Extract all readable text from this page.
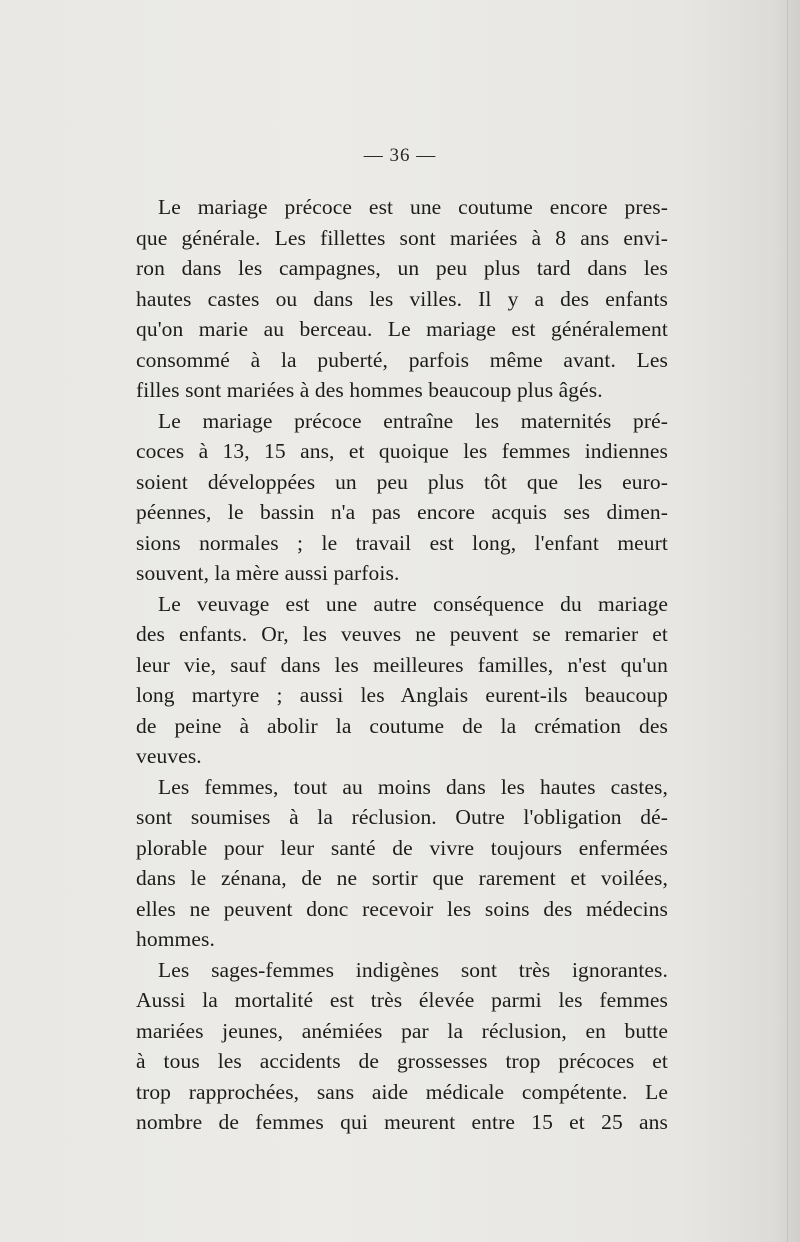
— 36 —
Le mariage précoce est une coutume encore pres-
que générale. Les fillettes sont mariées à 8 ans envi-
ron dans les campagnes, un peu plus tard dans les
hautes castes ou dans les villes. Il y a des enfants
qu'on marie au berceau. Le mariage est généralement
consommé à la puberté, parfois même avant. Les
filles sont mariées à des hommes beaucoup plus âgés.
Le mariage précoce entraîne les maternités pré-
coces à 13, 15 ans, et quoique les femmes indiennes
soient développées un peu plus tôt que les euro-
péennes, le bassin n'a pas encore acquis ses dimen-
sions normales ; le travail est long, l'enfant meurt
souvent, la mère aussi parfois.
Le veuvage est une autre conséquence du mariage
des enfants. Or, les veuves ne peuvent se remarier et
leur vie, sauf dans les meilleures familles, n'est qu'un
long martyre ; aussi les Anglais eurent-ils beaucoup
de peine à abolir la coutume de la crémation des
veuves.
Les femmes, tout au moins dans les hautes castes,
sont soumises à la réclusion. Outre l'obligation dé-
plorable pour leur santé de vivre toujours enfermées
dans le zénana, de ne sortir que rarement et voilées,
elles ne peuvent donc recevoir les soins des médecins
hommes.
Les sages-femmes indigènes sont très ignorantes.
Aussi la mortalité est très élevée parmi les femmes
mariées jeunes, anémiées par la réclusion, en butte
à tous les accidents de grossesses trop précoces et
trop rapprochées, sans aide médicale compétente. Le
nombre de femmes qui meurent entre 15 et 25 ans
